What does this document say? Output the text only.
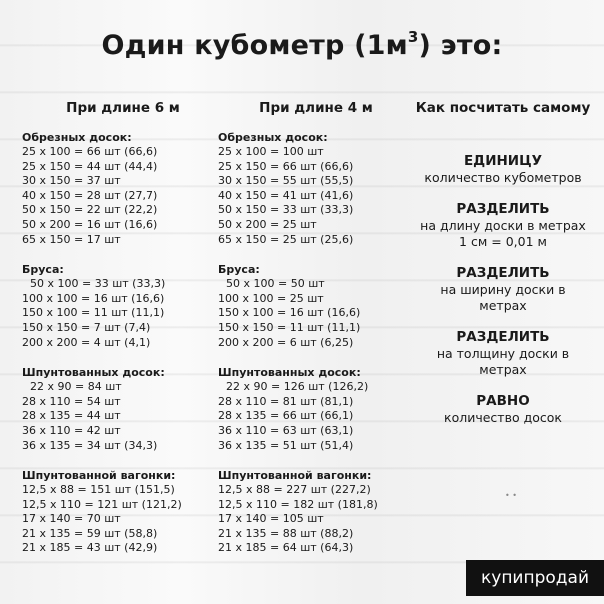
Один кубометр $(1м^3)$ это:
При длине 6 м
Обрезных досок:
25 х 100 = 66 шт (66,6)
25 х 150 = 44 шт (44,4)
30 х 150 = 37 шт
40 х 150 = 28 шт (27,7)
50 х 150 = 22 шт (22,2)
50 х 200 = 16 шт (16,6)
65 х 150 = 17 шт
Бруса:
50 х 100 = 33 шт (33,3)
100 х 100 = 16 шт (16,6)
150 х 100 = 11 шт (11,1)
150 х 150 = 7 шт (7,4)
200 х 200 = 4 шт (4,1)
Шпунтованных досок:
22 х 90 = 84 шт
28 х 110 = 54 шт
28 х 135 = 44 шт
36 х 110 = 42 шт
36 х 135 = 34 шт (34,3)
Шпунтованной вагонки:
12,5 х 88 = 151 шт (151,5)
12,5 х 110 = 121 шт (121,2)
17 х 140 = 70 шт
21 х 135 = 59 шт (58,8)
21 х 185 = 43 шт (42,9)
При длине 4 м
Обрезных досок:
25 х 100 = 100 шт
25 х 150 = 66 шт (66,6)
30 х 150 = 55 шт (55,5)
40 х 150 = 41 шт (41,6)
50 х 150 = 33 шт (33,3)
50 х 200 = 25 шт
65 х 150 = 25 шт (25,6)
Бруса:
50 х 100 = 50 шт
100 х 100 = 25 шт
150 х 100 = 16 шт (16,6)
150 х 150 = 11 шт (11,1)
200 х 200 = 6 шт (6,25)
Шпунтованных досок:
22 х 90 = 126 шт (126,2)
28 х 110 = 81 шт (81,1)
28 х 135 = 66 шт (66,1)
36 х 110 = 63 шт (63,1)
36 х 135 = 51 шт (51,4)
Шпунтованной вагонки:
12,5 х 88 = 227 шт (227,2)
12,5 х 110 = 182 шт (181,8)
17 х 140 = 105 шт
21 х 135 = 88 шт (88,2)
21 х 185 = 64 шт (64,3)
Как посчитать самому
ЕДИНИЦУ
количество кубометров
РАЗДЕЛИТЬ
на длину доски в метрах
1 см = 0,01 м
РАЗДЕЛИТЬ
на ширину доски в
метрах
РАЗДЕЛИТЬ
на толщину доски в
метрах
РАВНО
количество досок
• •
купипродай
